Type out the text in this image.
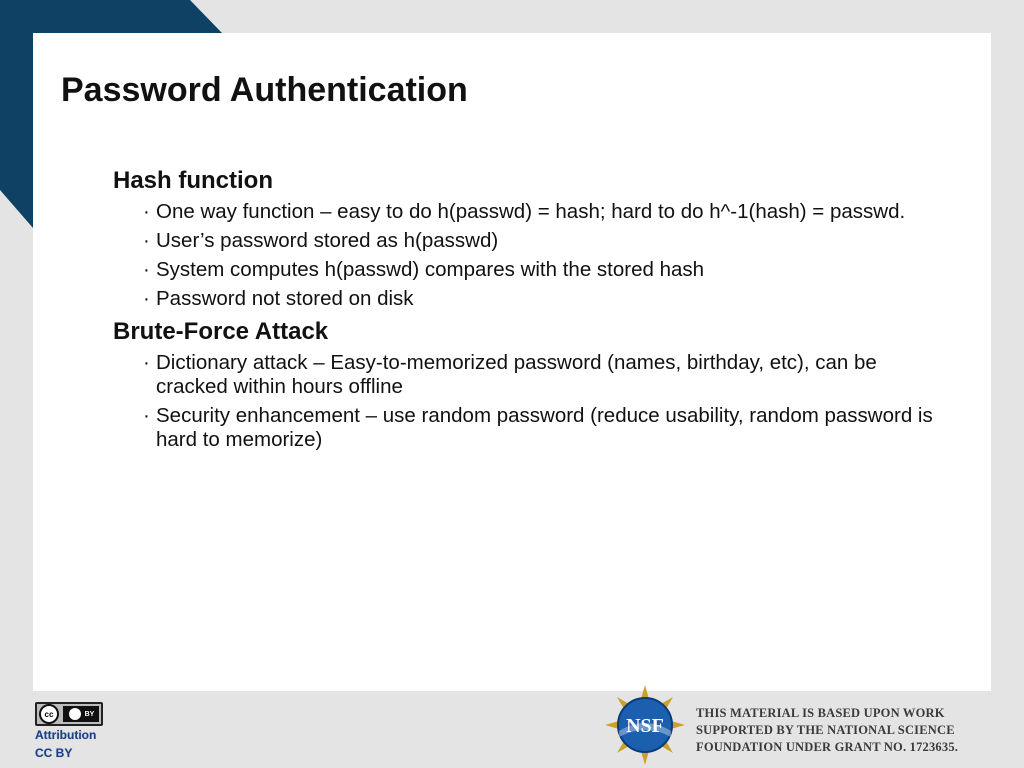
Password Authentication
Hash function
· One way function – easy to do h(passwd) = hash; hard to do h^-1(hash) = passwd.
· User’s password stored as h(passwd)
· System computes h(passwd) compares with the stored hash
· Password not stored on disk
Brute-Force Attack
· Dictionary attack – Easy-to-memorized password (names, birthday, etc), can be cracked within hours offline
· Security enhancement – use random password (reduce usability, random password is hard to memorize)
cc	BY
Attribution
CC BY
NSF
THIS MATERIAL IS BASED UPON WORK
SUPPORTED BY THE NATIONAL SCIENCE
FOUNDATION UNDER GRANT NO. 1723635.
